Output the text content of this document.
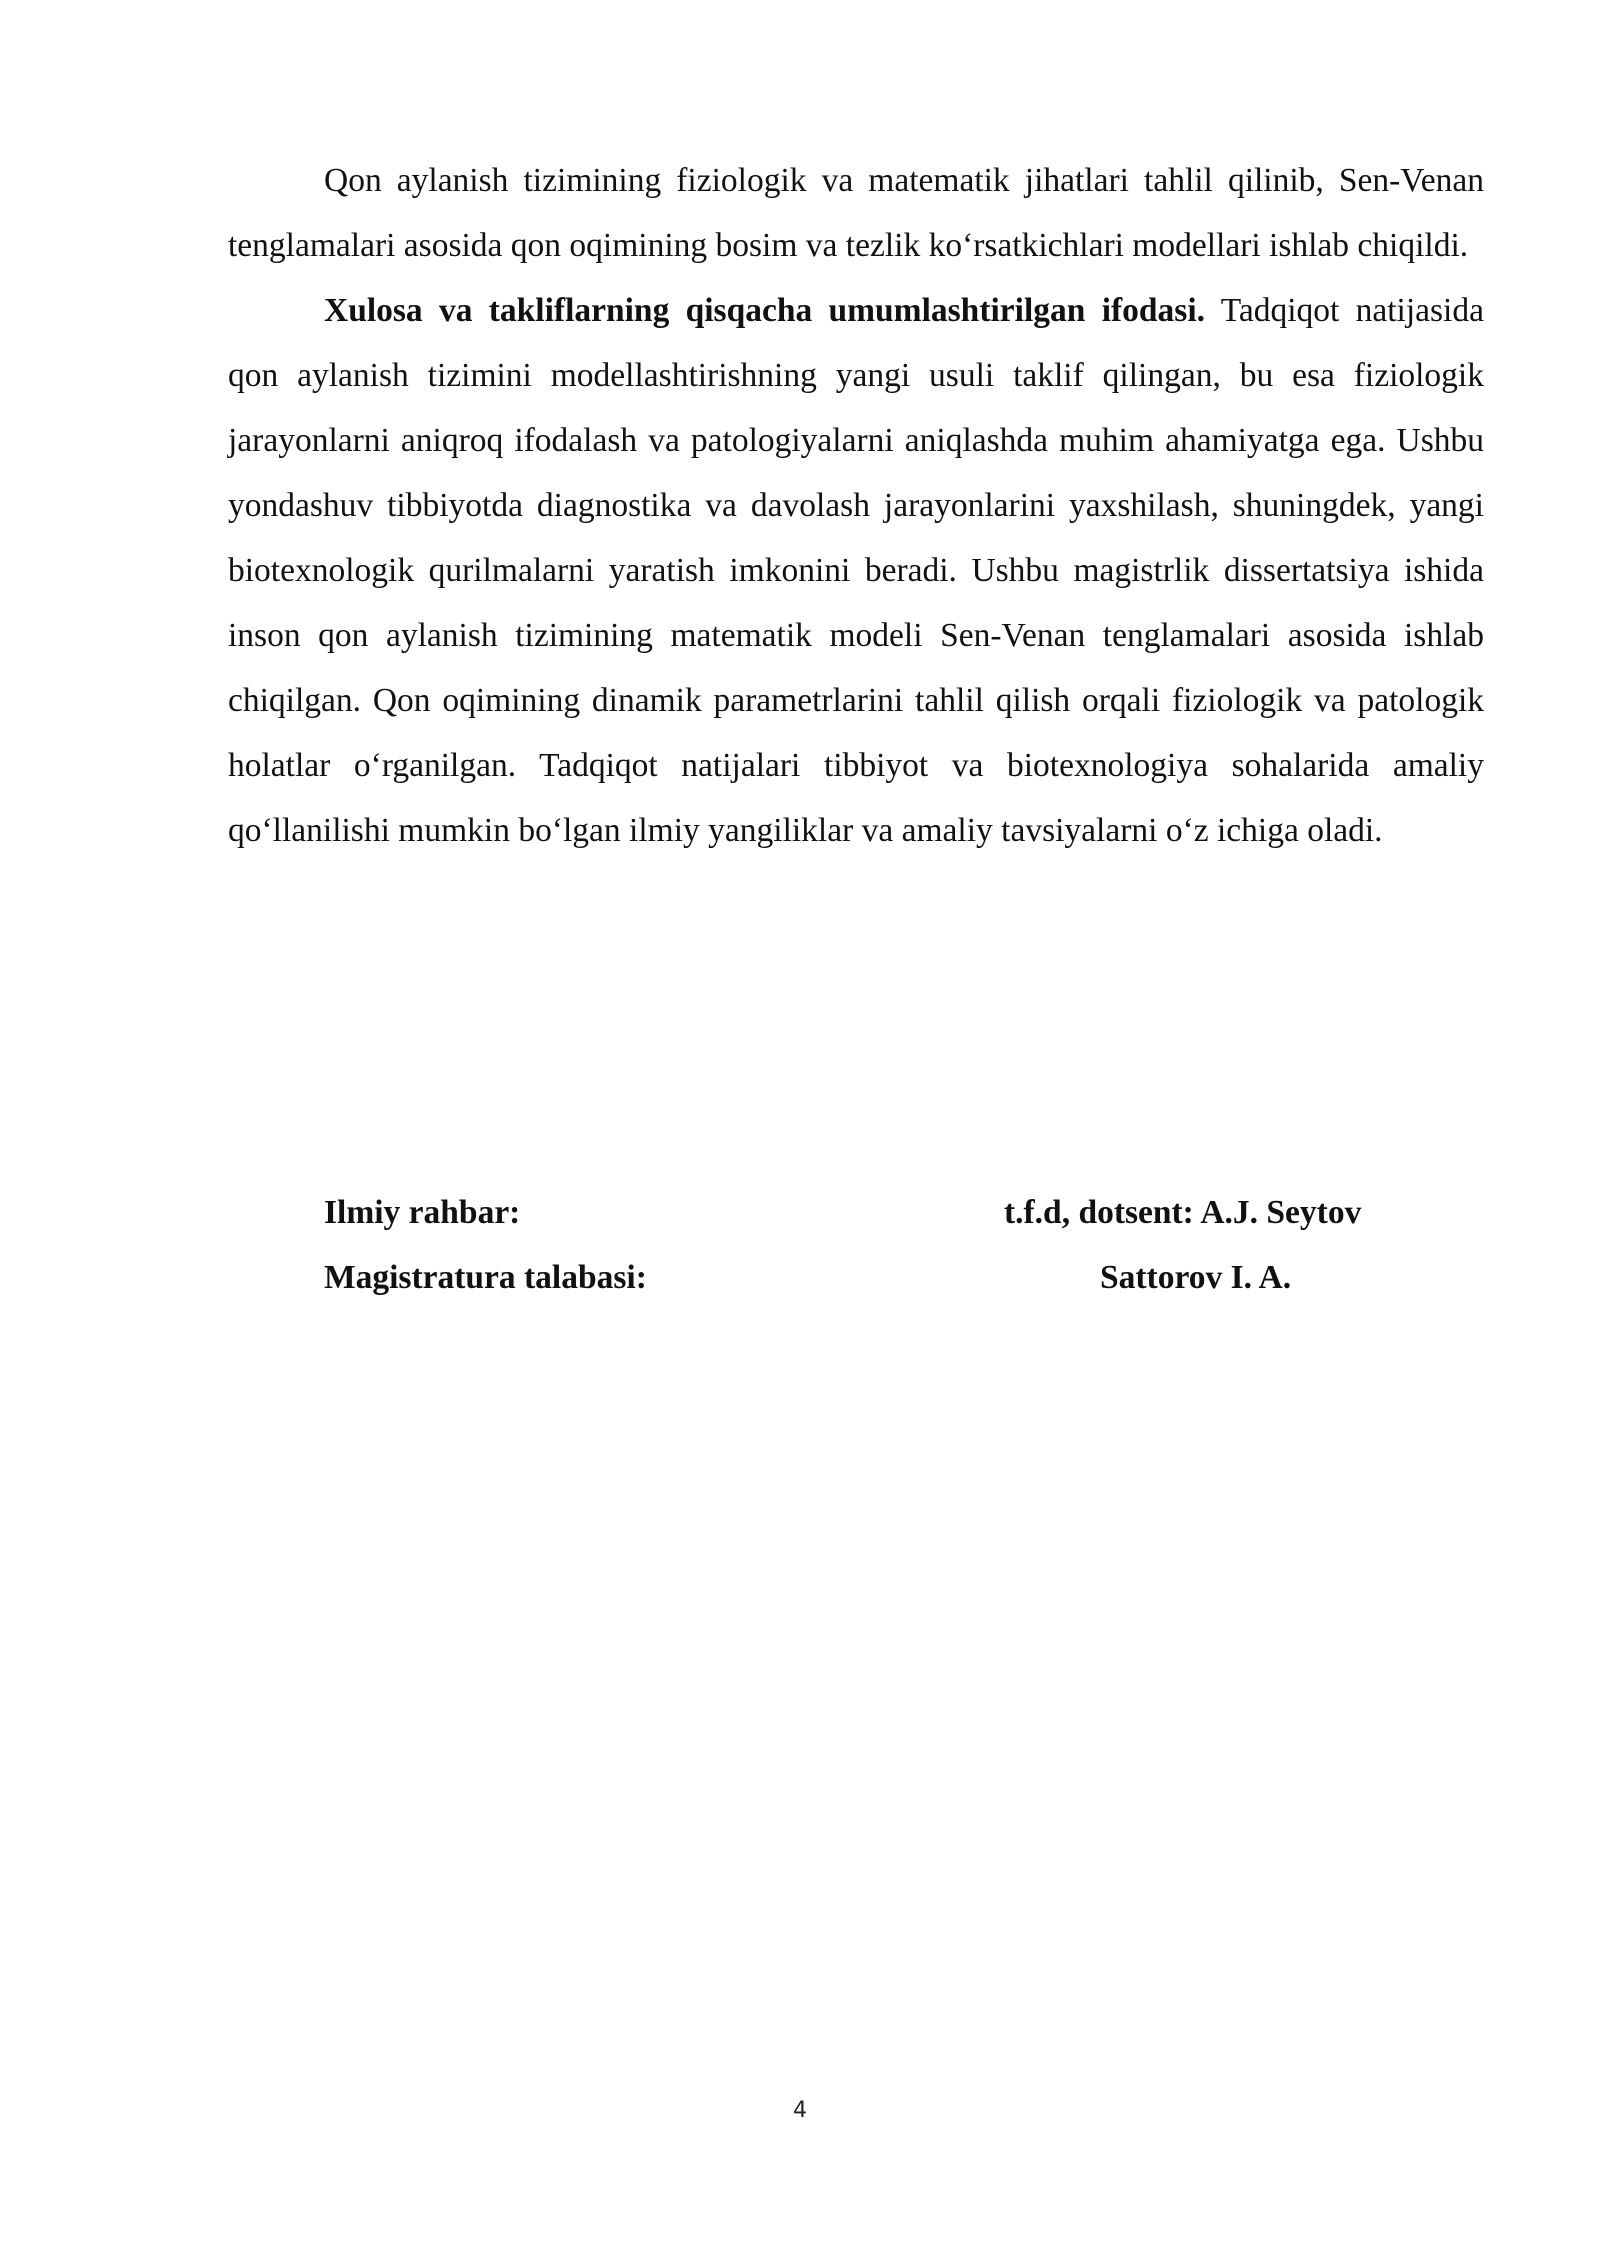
Qon aylanish tizimining fiziologik va matematik jihatlari tahlil qilinib, Sen-Venan tenglamalari asosida qon oqimining bosim va tezlik ko‘rsatkichlari modellari ishlab chiqildi.

Xulosa va takliflarning qisqacha umumlashtirilgan ifodasi. Tadqiqot natijasida qon aylanish tizimini modellashtirishning yangi usuli taklif qilingan, bu esa fiziologik jarayonlarni aniqroq ifodalash va patologiyalarni aniqlashda muhim ahamiyatga ega. Ushbu yondashuv tibbiyotda diagnostika va davolash jarayonlarini yaxshilash, shuningdek, yangi biotexnologik qurilmalarni yaratish imkonini beradi. Ushbu magistrlik dissertatsiya ishida inson qon aylanish tizimining matematik modeli Sen-Venan tenglamalari asosida ishlab chiqilgan. Qon oqimining dinamik parametrlarini tahlil qilish orqali fiziologik va patologik holatlar o‘rganilgan. Tadqiqot natijalari tibbiyot va biotexnologiya sohalarida amaliy qo‘llanilishi mumkin bo‘lgan ilmiy yangiliklar va amaliy tavsiyalarni o‘z ichiga oladi.

Ilmiy rahbar:	t.f.d, dotsent: A.J. Seytov
Magistratura talabasi:	Sattorov I. A.
4
